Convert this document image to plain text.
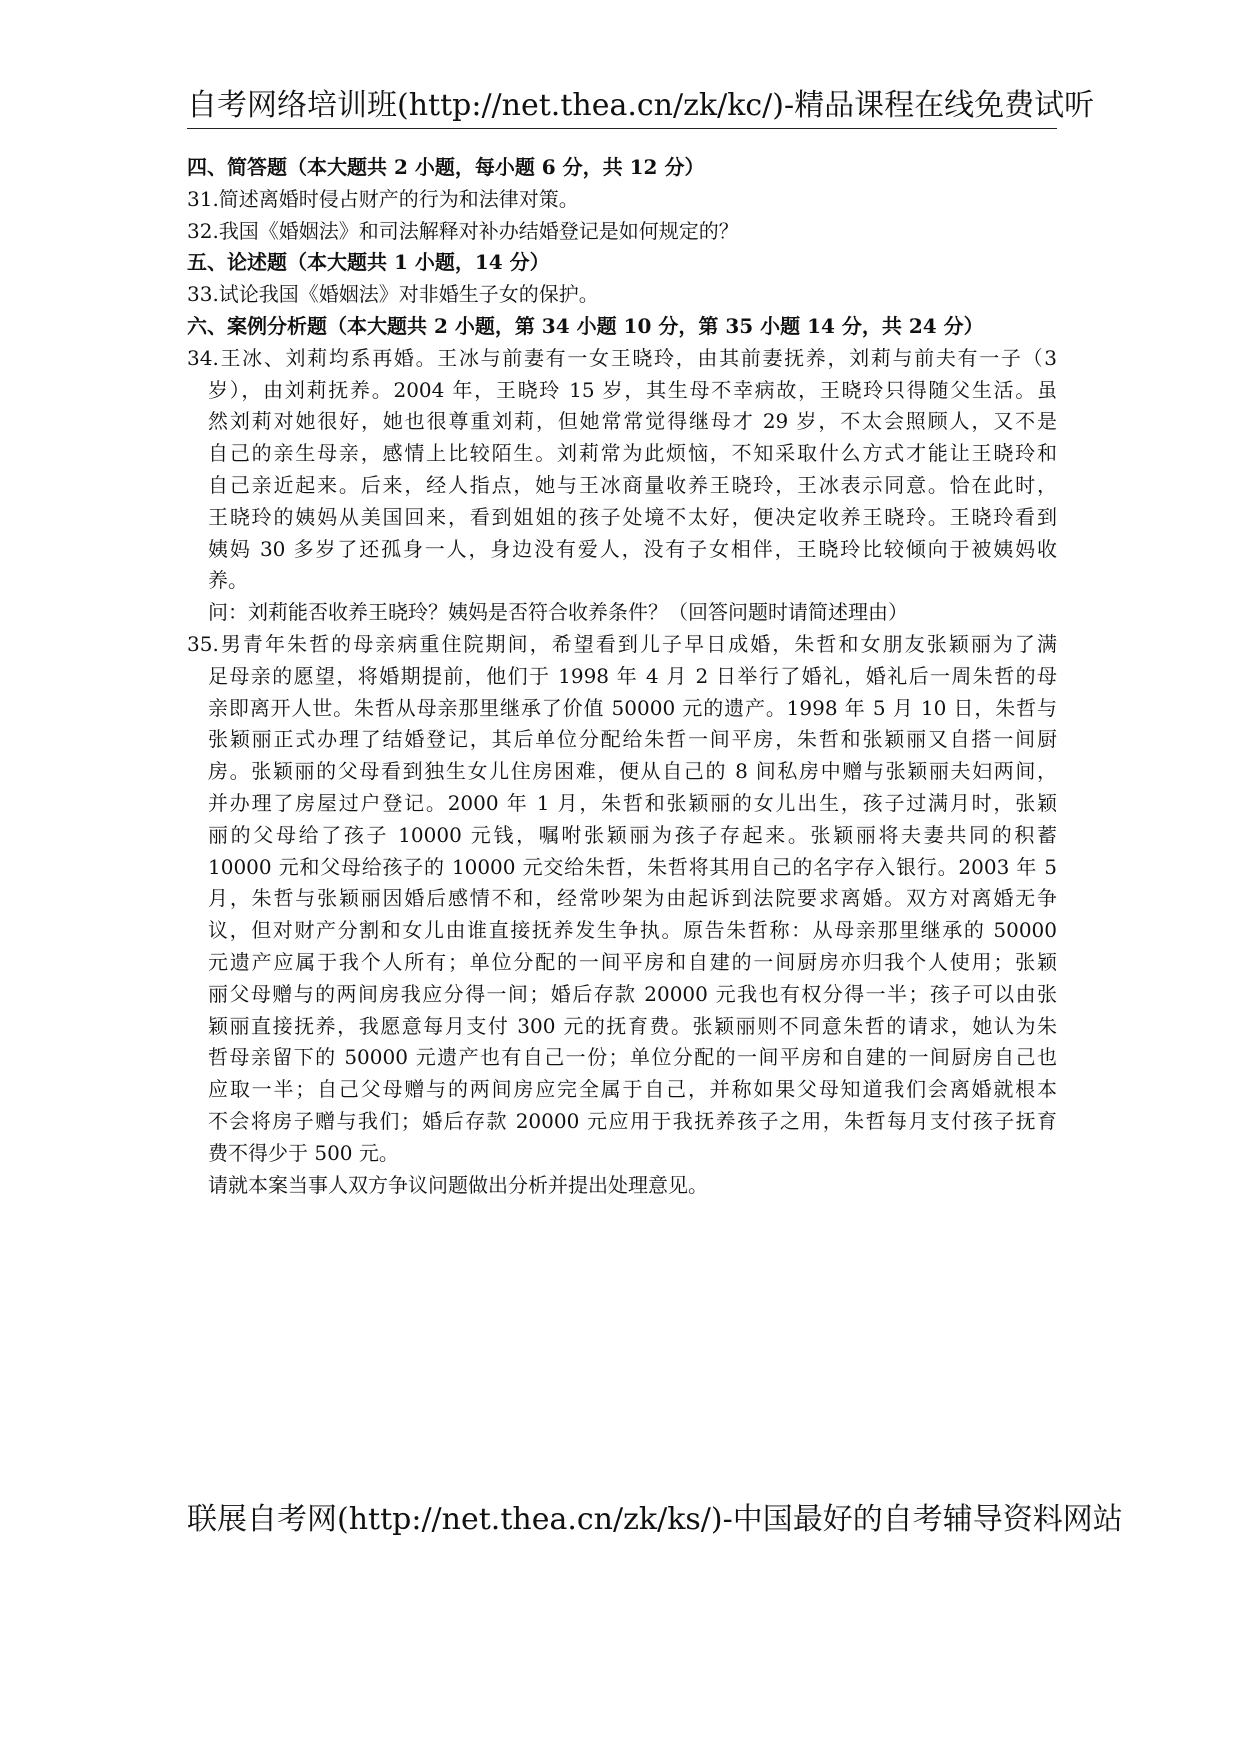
自考网络培训班(http://net.thea.cn/zk/kc/)-精品课程在线免费试听
四、简答题（本大题共 2 小题，每小题 6 分，共 12 分）
31.简述离婚时侵占财产的行为和法律对策。
32.我国《婚姻法》和司法解释对补办结婚登记是如何规定的？
五、论述题（本大题共 1 小题，14 分）
33.试论我国《婚姻法》对非婚生子女的保护。
六、案例分析题（本大题共 2 小题，第 34 小题 10 分，第 35 小题 14 分，共 24 分）
34.王冰、刘莉均系再婚。王冰与前妻有一女王晓玲，由其前妻抚养，刘莉与前夫有一子（3
岁），由刘莉抚养。2004 年，王晓玲 15 岁，其生母不幸病故，王晓玲只得随父生活。虽
然刘莉对她很好，她也很尊重刘莉，但她常常觉得继母才 29 岁，不太会照顾人，又不是
自己的亲生母亲，感情上比较陌生。刘莉常为此烦恼，不知采取什么方式才能让王晓玲和
自己亲近起来。后来，经人指点，她与王冰商量收养王晓玲，王冰表示同意。恰在此时，
王晓玲的姨妈从美国回来，看到姐姐的孩子处境不太好，便决定收养王晓玲。王晓玲看到
姨妈 30 多岁了还孤身一人，身边没有爱人，没有子女相伴，王晓玲比较倾向于被姨妈收
养。
问：刘莉能否收养王晓玲？姨妈是否符合收养条件？（回答问题时请简述理由）
35.男青年朱哲的母亲病重住院期间，希望看到儿子早日成婚，朱哲和女朋友张颖丽为了满
足母亲的愿望，将婚期提前，他们于 1998 年 4 月 2 日举行了婚礼，婚礼后一周朱哲的母
亲即离开人世。朱哲从母亲那里继承了价值 50000 元的遗产。1998 年 5 月 10 日，朱哲与
张颖丽正式办理了结婚登记，其后单位分配给朱哲一间平房，朱哲和张颖丽又自搭一间厨
房。张颖丽的父母看到独生女儿住房困难，便从自己的 8 间私房中赠与张颖丽夫妇两间，
并办理了房屋过户登记。2000 年 1 月，朱哲和张颖丽的女儿出生，孩子过满月时，张颖
丽的父母给了孩子 10000 元钱，嘱咐张颖丽为孩子存起来。张颖丽将夫妻共同的积蓄
10000 元和父母给孩子的 10000 元交给朱哲，朱哲将其用自己的名字存入银行。2003 年 5
月，朱哲与张颖丽因婚后感情不和，经常吵架为由起诉到法院要求离婚。双方对离婚无争
议，但对财产分割和女儿由谁直接抚养发生争执。原告朱哲称：从母亲那里继承的 50000
元遗产应属于我个人所有；单位分配的一间平房和自建的一间厨房亦归我个人使用；张颖
丽父母赠与的两间房我应分得一间；婚后存款 20000 元我也有权分得一半；孩子可以由张
颖丽直接抚养，我愿意每月支付 300 元的抚育费。张颖丽则不同意朱哲的请求，她认为朱
哲母亲留下的 50000 元遗产也有自己一份；单位分配的一间平房和自建的一间厨房自己也
应取一半；自己父母赠与的两间房应完全属于自己，并称如果父母知道我们会离婚就根本
不会将房子赠与我们；婚后存款 20000 元应用于我抚养孩子之用，朱哲每月支付孩子抚育
费不得少于 500 元。
请就本案当事人双方争议问题做出分析并提出处理意见。
联展自考网(http://net.thea.cn/zk/ks/)-中国最好的自考辅导资料网站
